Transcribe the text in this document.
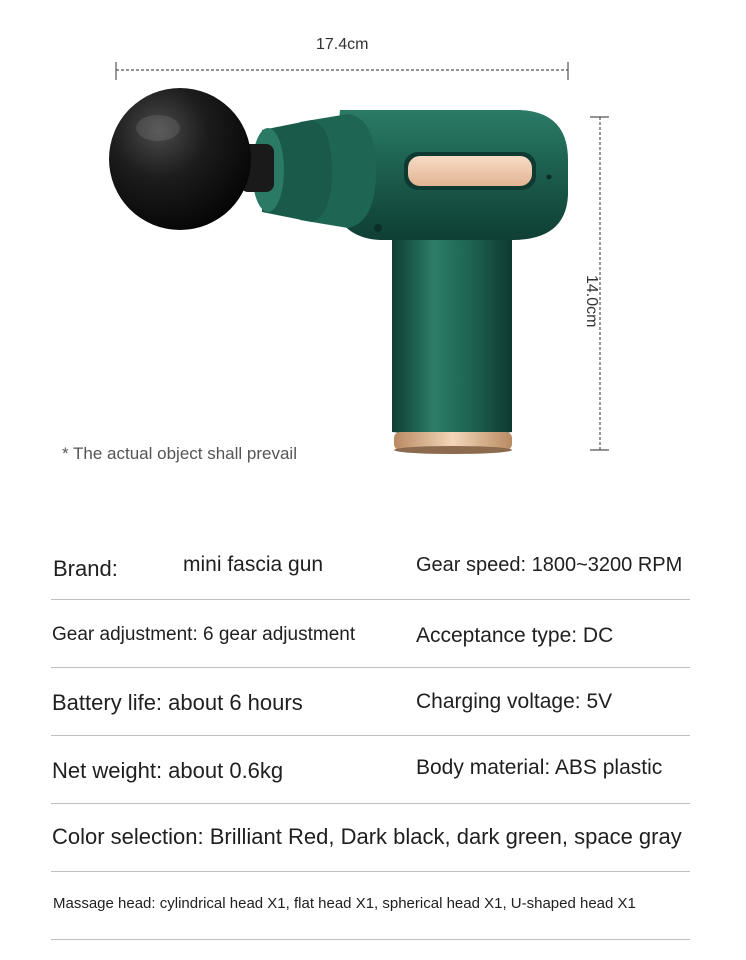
17.4cm
14.0cm
* The actual object shall prevail
Brand:	mini fascia gun	Gear speed: 1800~3200 RPM
Gear adjustment: 6 gear adjustment	Acceptance type: DC
Battery life: about 6 hours	Charging voltage: 5V
Net weight: about 0.6kg	Body material: ABS plastic
Color selection: Brilliant Red, Dark black, dark green, space gray
Massage head: cylindrical head X1, flat head X1, spherical head X1, U-shaped head X1
